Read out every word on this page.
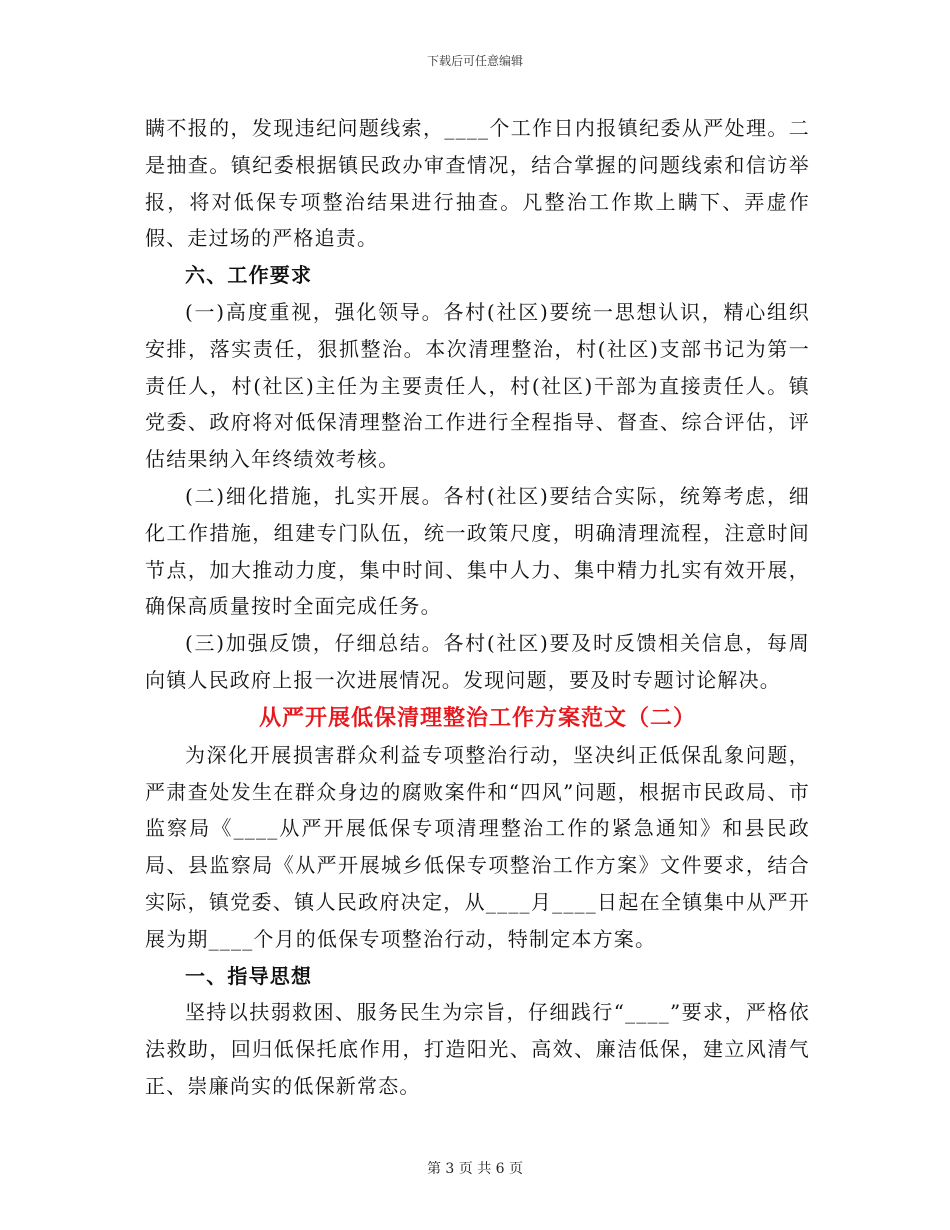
下载后可任意编辑

瞒不报的，发现违纪问题线索，____个工作日内报镇纪委从严处理。二是抽查。镇纪委根据镇民政办审查情况，结合掌握的问题线索和信访举报，将对低保专项整治结果进行抽查。凡整治工作欺上瞒下、弄虚作假、走过场的严格追责。

六、工作要求

(一)高度重视，强化领导。各村(社区)要统一思想认识，精心组织安排，落实责任，狠抓整治。本次清理整治，村(社区)支部书记为第一责任人，村(社区)主任为主要责任人，村(社区)干部为直接责任人。镇党委、政府将对低保清理整治工作进行全程指导、督查、综合评估，评估结果纳入年终绩效考核。

(二)细化措施，扎实开展。各村(社区)要结合实际，统筹考虑，细化工作措施，组建专门队伍，统一政策尺度，明确清理流程，注意时间节点，加大推动力度，集中时间、集中人力、集中精力扎实有效开展，确保高质量按时全面完成任务。

(三)加强反馈，仔细总结。各村(社区)要及时反馈相关信息，每周向镇人民政府上报一次进展情况。发现问题，要及时专题讨论解决。

从严开展低保清理整治工作方案范文（二）

为深化开展损害群众利益专项整治行动，坚决纠正低保乱象问题，严肃查处发生在群众身边的腐败案件和“四风”问题，根据市民政局、市监察局《____从严开展低保专项清理整治工作的紧急通知》和县民政局、县监察局《从严开展城乡低保专项整治工作方案》文件要求，结合实际，镇党委、镇人民政府决定，从____月____日起在全镇集中从严开展为期____个月的低保专项整治行动，特制定本方案。

一、指导思想

坚持以扶弱救困、服务民生为宗旨，仔细践行“____”要求，严格依法救助，回归低保托底作用，打造阳光、高效、廉洁低保，建立风清气正、崇廉尚实的低保新常态。

第 3 页 共 6 页
